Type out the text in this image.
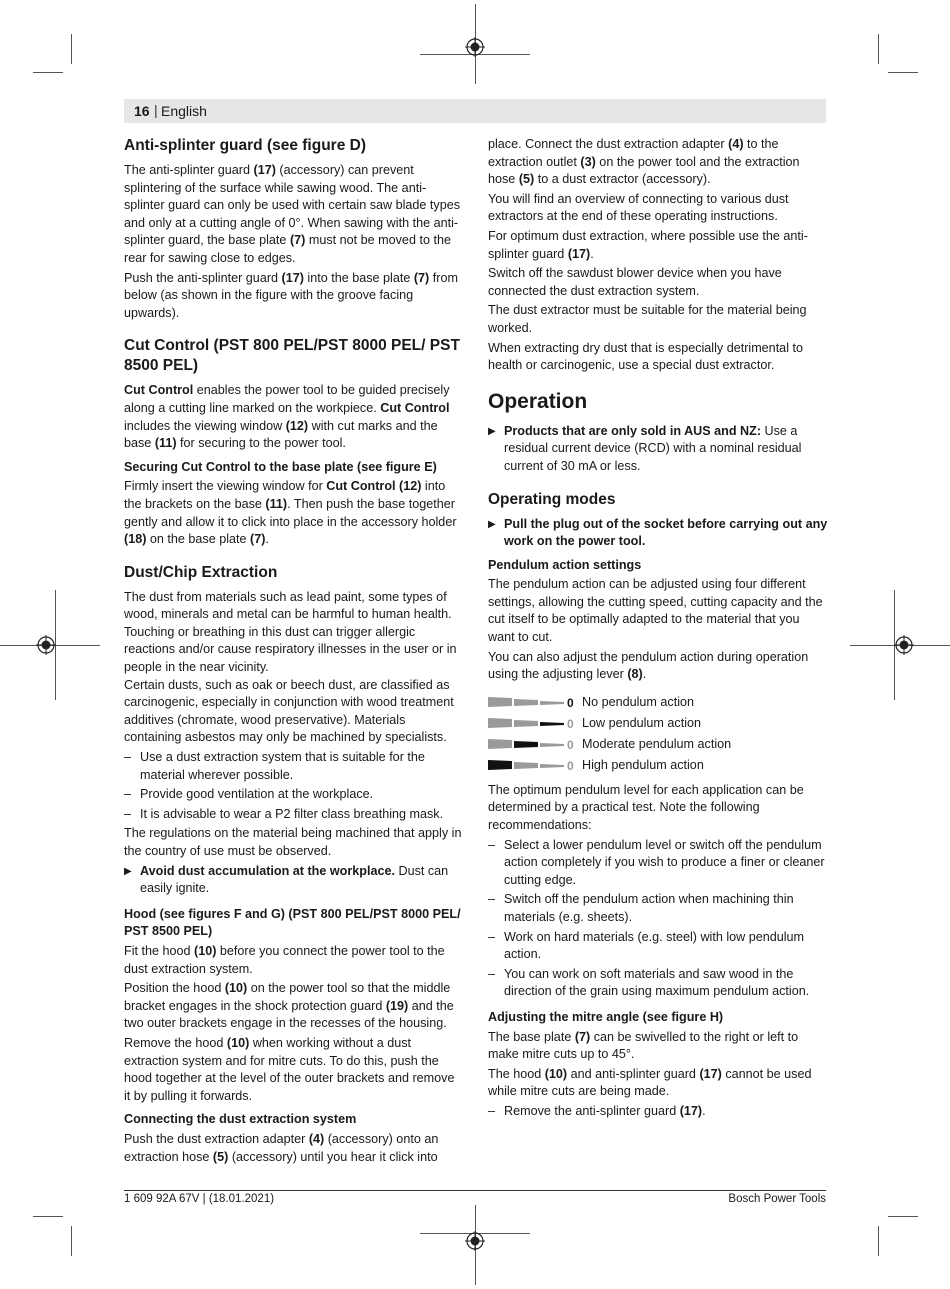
16 | English
Anti-splinter guard (see figure D)

The anti-splinter guard (17) (accessory) can prevent splintering of the surface while sawing wood. The anti-splinter guard can only be used with certain saw blade types and only at a cutting angle of 0°. When sawing with the anti-splinter guard, the base plate (7) must not be moved to the rear for sawing close to edges.

Push the anti-splinter guard (17) into the base plate (7) from below (as shown in the figure with the groove facing upwards).

Cut Control (PST 800 PEL/PST 8000 PEL/ PST 8500 PEL)

Cut Control enables the power tool to be guided precisely along a cutting line marked on the workpiece. Cut Control includes the viewing window (12) with cut marks and the base (11) for securing to the power tool.

Securing Cut Control to the base plate (see figure E)

Firmly insert the viewing window for Cut Control (12) into the brackets on the base (11). Then push the base together gently and allow it to click into place in the accessory holder (18) on the base plate (7).

Dust/Chip Extraction

The dust from materials such as lead paint, some types of wood, minerals and metal can be harmful to human health. Touching or breathing in this dust can trigger allergic reactions and/or cause respiratory illnesses in the user or in people in the near vicinity.

Certain dusts, such as oak or beech dust, are classified as carcinogenic, especially in conjunction with wood treatment additives (chromate, wood preservative). Materials containing asbestos may only be machined by specialists.

– Use a dust extraction system that is suitable for the material wherever possible.
– Provide good ventilation at the workplace.
– It is advisable to wear a P2 filter class breathing mask.

The regulations on the material being machined that apply in the country of use must be observed.

▶ Avoid dust accumulation at the workplace. Dust can easily ignite.
Hood (see figures F and G) (PST 800 PEL/PST 8000 PEL/ PST 8500 PEL)

Fit the hood (10) before you connect the power tool to the dust extraction system.

Position the hood (10) on the power tool so that the middle bracket engages in the shock protection guard (19) and the two outer brackets engage in the recesses of the housing.

Remove the hood (10) when working without a dust extraction system and for mitre cuts. To do this, push the hood together at the level of the outer brackets and remove it by pulling it forwards.

Connecting the dust extraction system

Push the dust extraction adapter (4) (accessory) onto an extraction hose (5) (accessory) until you hear it click into

place. Connect the dust extraction adapter (4) to the extraction outlet (3) on the power tool and the extraction hose (5) to a dust extractor (accessory).

You will find an overview of connecting to various dust extractors at the end of these operating instructions.

For optimum dust extraction, where possible use the anti-splinter guard (17).

Switch off the sawdust blower device when you have connected the dust extraction system.

The dust extractor must be suitable for the material being worked.

When extracting dry dust that is especially detrimental to health or carcinogenic, use a special dust extractor.

Operation
▶ Products that are only sold in AUS and NZ: Use a residual current device (RCD) with a nominal residual current of 30 mA or less.
Operating modes
▶ Pull the plug out of the socket before carrying out any work on the power tool.
Pendulum action settings

The pendulum action can be adjusted using four different settings, allowing the cutting speed, cutting capacity and the cut itself to be optimally adapted to the material that you want to cut.

You can also adjust the pendulum action during operation using the adjusting lever (8).

0 No pendulum action
0 Low pendulum action
0 Moderate pendulum action
0 High pendulum action

The optimum pendulum level for each application can be determined by a practical test. Note the following recommendations:

– Select a lower pendulum level or switch off the pendulum action completely if you wish to produce a finer or cleaner cutting edge.
– Switch off the pendulum action when machining thin materials (e.g. sheets).
– Work on hard materials (e.g. steel) with low pendulum action.
– You can work on soft materials and saw wood in the direction of the grain using maximum pendulum action.
Adjusting the mitre angle (see figure H)

The base plate (7) can be swivelled to the right or left to make mitre cuts up to 45°.

The hood (10) and anti-splinter guard (17) cannot be used while mitre cuts are being made.

– Remove the anti-splinter guard (17).
1 609 92A 67V | (18.01.2021)	Bosch Power Tools
